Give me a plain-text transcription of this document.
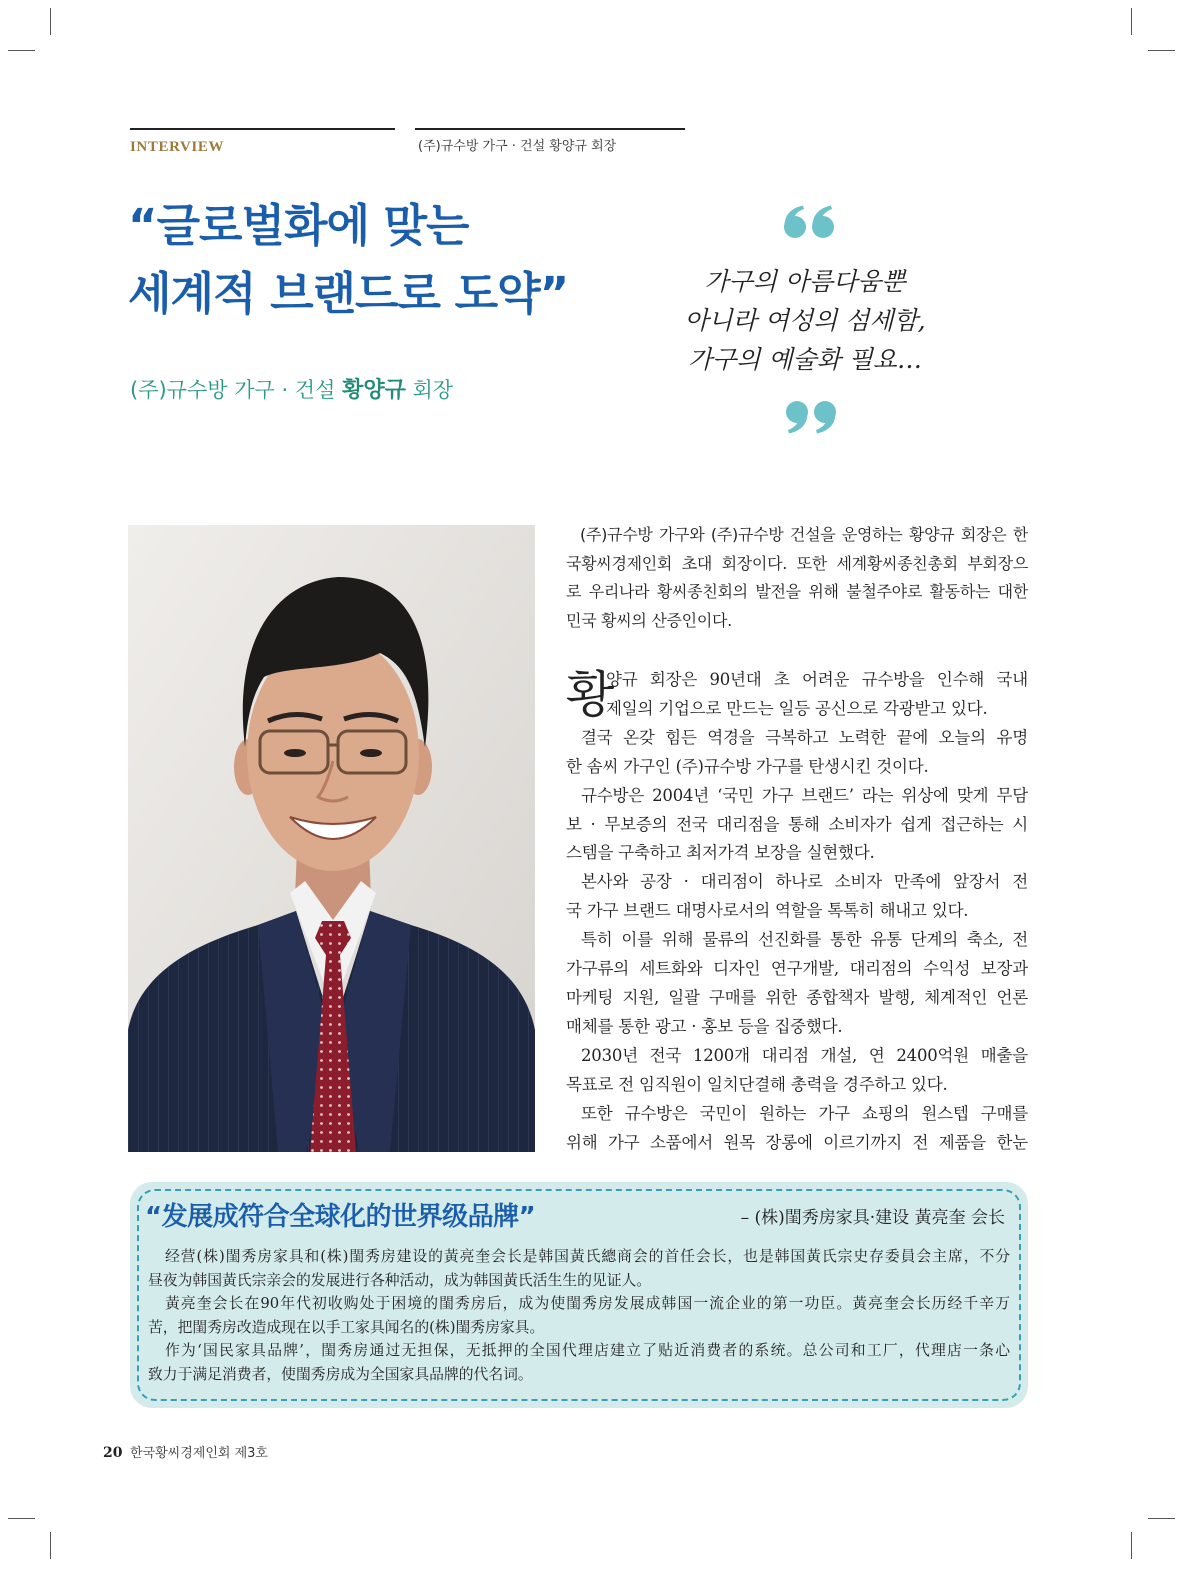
INTERVIEW	(주)규수방 가구 · 건설 황양규 회장
“글로벌화에 맞는
세계적 브랜드로 도약”
(주)규수방 가구 · 건설 황양규 회장
가구의 아름다움뿐
아니라 여성의 섬세함,
가구의 예술화 필요…
(주)규수방 가구와 (주)규수방 건설을 운영하는 황양규 회장은 한
국황씨경제인회 초대 회장이다. 또한 세계황씨종친총회 부회장으
로 우리나라 황씨종친회의 발전을 위해 불철주야로 활동하는 대한
민국 황씨의 산증인이다.
황
양규 회장은 90년대 초 어려운 규수방을 인수해 국내
제일의 기업으로 만드는 일등 공신으로 각광받고 있다.
결국 온갖 힘든 역경을 극복하고 노력한 끝에 오늘의 유명
한 솜씨 가구인 (주)규수방 가구를 탄생시킨 것이다.
규수방은 2004년 ‘국민 가구 브랜드’ 라는 위상에 맞게 무담
보 · 무보증의 전국 대리점을 통해 소비자가 쉽게 접근하는 시
스템을 구축하고 최저가격 보장을 실현했다.
본사와 공장 · 대리점이 하나로 소비자 만족에 앞장서 전
국 가구 브랜드 대명사로서의 역할을 톡톡히 해내고 있다.
특히 이를 위해 물류의 선진화를 통한 유통 단계의 축소, 전
가구류의 세트화와 디자인 연구개발, 대리점의 수익성 보장과
마케팅 지원, 일괄 구매를 위한 종합책자 발행, 체계적인 언론
매체를 통한 광고 · 홍보 등을 집중했다.
2030년 전국 1200개 대리점 개설, 연 2400억원 매출을
목표로 전 임직원이 일치단결해 총력을 경주하고 있다.
또한 규수방은 국민이 원하는 가구 쇼핑의 원스텝 구매를
위해 가구 소품에서 원목 장롱에 이르기까지 전 제품을 한눈
“发展成符合全球化的世界级品牌”	– (株)閨秀房家具·建设 黃亮奎 会长
经营(株)閨秀房家具和(株)閨秀房建设的黃亮奎会长是韩国黃氏總商会的首任会长，也是韩国黃氏宗史存委員会主席，不分
昼夜为韩国黃氏宗亲会的发展进行各种活动，成为韩国黃氏活生生的见证人。
黃亮奎会长在90年代初收购处于困境的閨秀房后，成为使閨秀房发展成韩国一流企业的第一功臣。黃亮奎会长历经千辛万
苦，把閨秀房改造成现在以手工家具闻名的(株)閨秀房家具。
作为‘国民家具品牌’，閨秀房通过无担保，无抵押的全国代理店建立了贴近消费者的系统。总公司和工厂，代理店一条心
致力于满足消费者，使閨秀房成为全国家具品牌的代名词。
20 한국황씨경제인회 제3호
